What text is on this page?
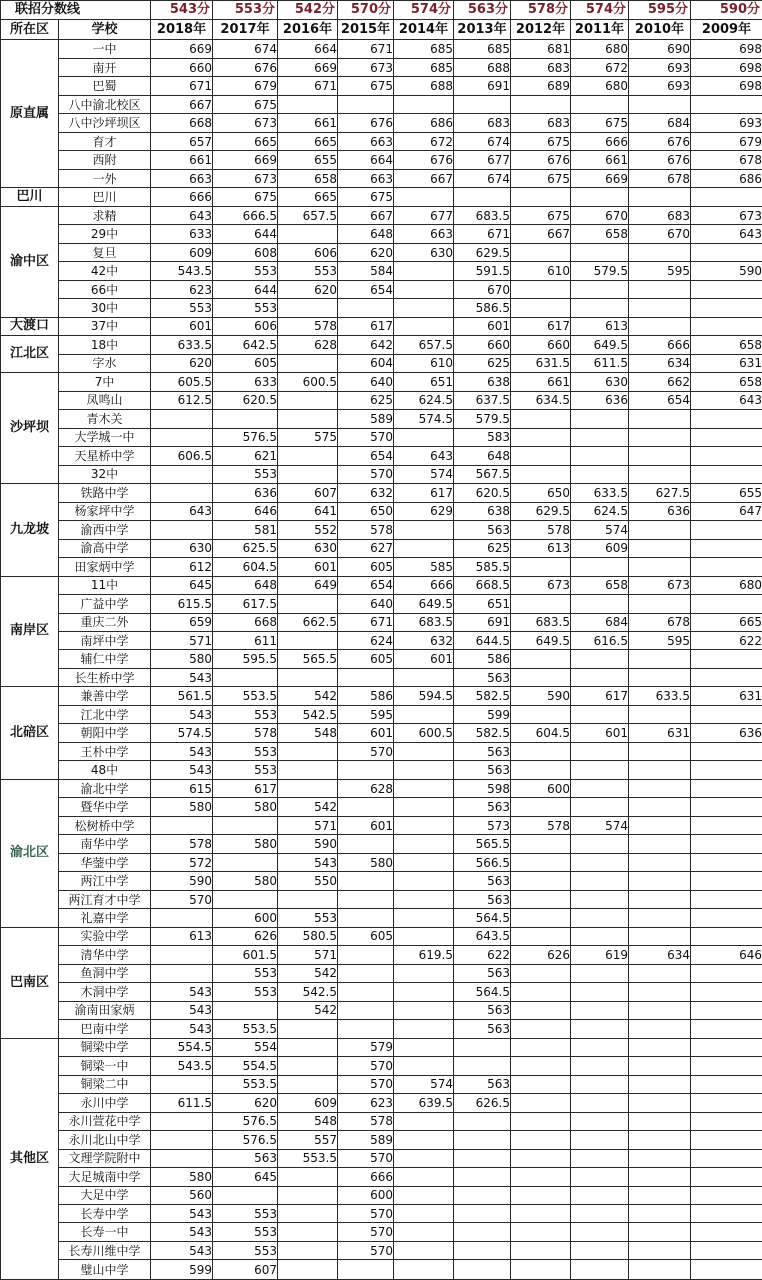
联招分数线		543分	553分	542分	570分	574分	563分	578分	574分	595分	590分
所在区	学校	2018年	2017年	2016年	2015年	2014年	2013年	2012年	2011年	2010年	2009年
原直属	一中	669	674	664	671	685	685	681	680	690	698
	南开	660	676	669	673	685	688	683	672	693	698
	巴蜀	671	679	671	675	688	691	689	680	693	698
	八中渝北校区	667	675								
	八中沙坪坝区	668	673	661	676	686	683	683	675	684	693
	育才	657	665	665	663	672	674	675	666	676	679
	西附	661	669	655	664	676	677	676	661	676	678
	一外	663	673	658	663	667	674	675	669	678	686
巴川	巴川	666	675	665	675						
渝中区	求精	643	666.5	657.5	667	677	683.5	675	670	683	673
	29中	633	644		648	663	671	667	658	670	643
	复旦	609	608	606	620	630	629.5				
	42中	543.5	553	553	584		591.5	610	579.5	595	590
	66中	623	644	620	654		670				
	30中	553	553				586.5				
大渡口	37中	601	606	578	617		601	617	613		
江北区	18中	633.5	642.5	628	642	657.5	660	660	649.5	666	658
	字水	620	605		604	610	625	631.5	611.5	634	631
沙坪坝	7中	605.5	633	600.5	640	651	638	661	630	662	658
	凤鸣山	612.5	620.5		625	624.5	637.5	634.5	636	654	643
	青木关				589	574.5	579.5				
	大学城一中		576.5	575	570		583				
	天星桥中学	606.5	621		654	643	648				
	32中		553		570	574	567.5				
九龙坡	铁路中学		636	607	632	617	620.5	650	633.5	627.5	655
	杨家坪中学	643	646	641	650	629	638	629.5	624.5	636	647
	渝西中学		581	552	578		563	578	574		
	渝高中学	630	625.5	630	627		625	613	609		
	田家炳中学	612	604.5	601	605	585	585.5				
南岸区	11中	645	648	649	654	666	668.5	673	658	673	680
	广益中学	615.5	617.5		640	649.5	651				
	重庆二外	659	668	662.5	671	683.5	691	683.5	684	678	665
	南坪中学	571	611		624	632	644.5	649.5	616.5	595	622
	辅仁中学	580	595.5	565.5	605	601	586				
	长生桥中学	543					563				
北碚区	兼善中学	561.5	553.5	542	586	594.5	582.5	590	617	633.5	631
	江北中学	543	553	542.5	595		599				
	朝阳中学	574.5	578	548	601	600.5	582.5	604.5	601	631	636
	王朴中学	543	553		570		563				
	48中	543	553				563				
渝北区	渝北中学	615	617		628		598	600			
	暨华中学	580	580	542			563				
	松树桥中学			571	601		573	578	574		
	南华中学	578	580	590			565.5				
	华蓥中学	572		543	580		566.5				
	两江中学	590	580	550			563				
	两江育才中学	570					563				
	礼嘉中学		600	553			564.5				
巴南区	实验中学	613	626	580.5	605		643.5				
	清华中学		601.5	571		619.5	622	626	619	634	646
	鱼洞中学		553	542			563				
	木洞中学	543	553	542.5			564.5				
	渝南田家炳	543		542			563				
	巴南中学	543	553.5				563				
其他区	铜梁中学	554.5	554		579						
	铜梁一中	543.5	554.5		570						
	铜梁二中		553.5		570	574	563				
	永川中学	611.5	620	609	623	639.5	626.5				
	永川萱花中学		576.5	548	578						
	永川北山中学		576.5	557	589						
	文理学院附中		563	553.5	570						
	大足城南中学	580	645		666						
	大足中学	560			600						
	长寿中学	543	553		570						
	长寿一中	543	553		570						
	长寿川维中学	543	553		570						
	璧山中学	599	607								
